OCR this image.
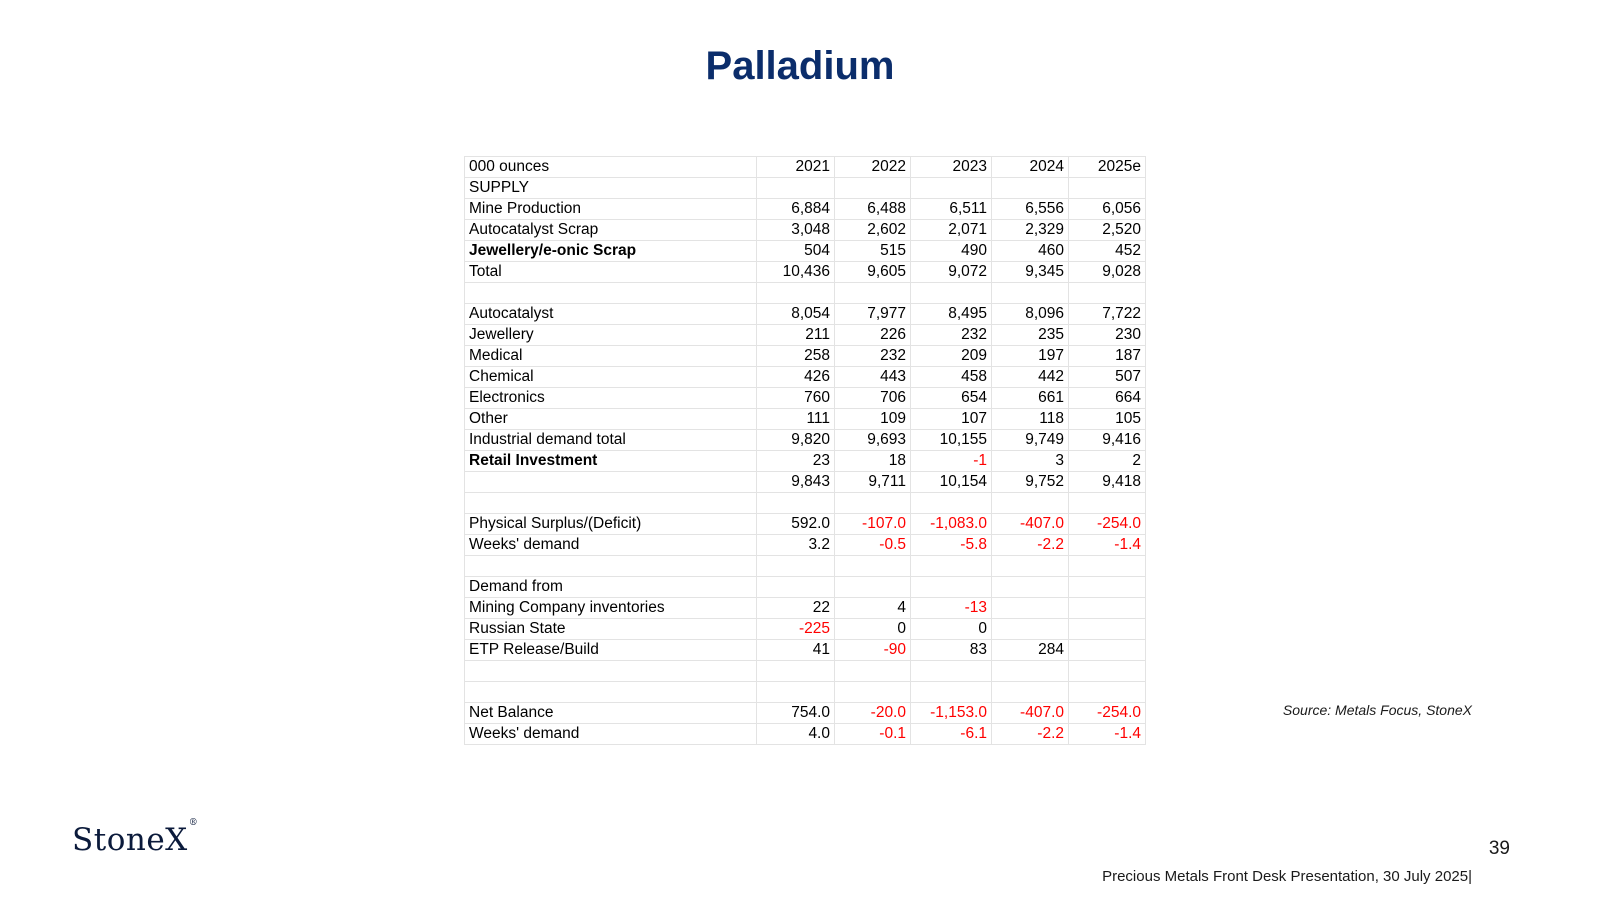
Palladium
000 ounces	2021	2022	2023	2024	2025e
SUPPLY					
Mine Production	6,884	6,488	6,511	6,556	6,056
Autocatalyst Scrap	3,048	2,602	2,071	2,329	2,520
Jewellery/e-onic Scrap	504	515	490	460	452
Total	10,436	9,605	9,072	9,345	9,028

Autocatalyst	8,054	7,977	8,495	8,096	7,722
Jewellery	211	226	232	235	230
Medical	258	232	209	197	187
Chemical	426	443	458	442	507
Electronics	760	706	654	661	664
Other	111	109	107	118	105
Industrial demand total	9,820	9,693	10,155	9,749	9,416
Retail Investment	23	18	-1	3	2
	9,843	9,711	10,154	9,752	9,418

Physical Surplus/(Deficit)	592.0	-107.0	-1,083.0	-407.0	-254.0
Weeks' demand	3.2	-0.5	-5.8	-2.2	-1.4

Demand from					
Mining Company inventories	22	4	-13		
Russian State	-225	0	0		
ETP Release/Build	41	-90	83	284	

Net Balance	754.0	-20.0	-1,153.0	-407.0	-254.0
Weeks' demand	4.0	-0.1	-6.1	-2.2	-1.4
Source: Metals Focus, StoneX
StoneX®
39
Precious Metals Front Desk Presentation, 30 July 2025|
